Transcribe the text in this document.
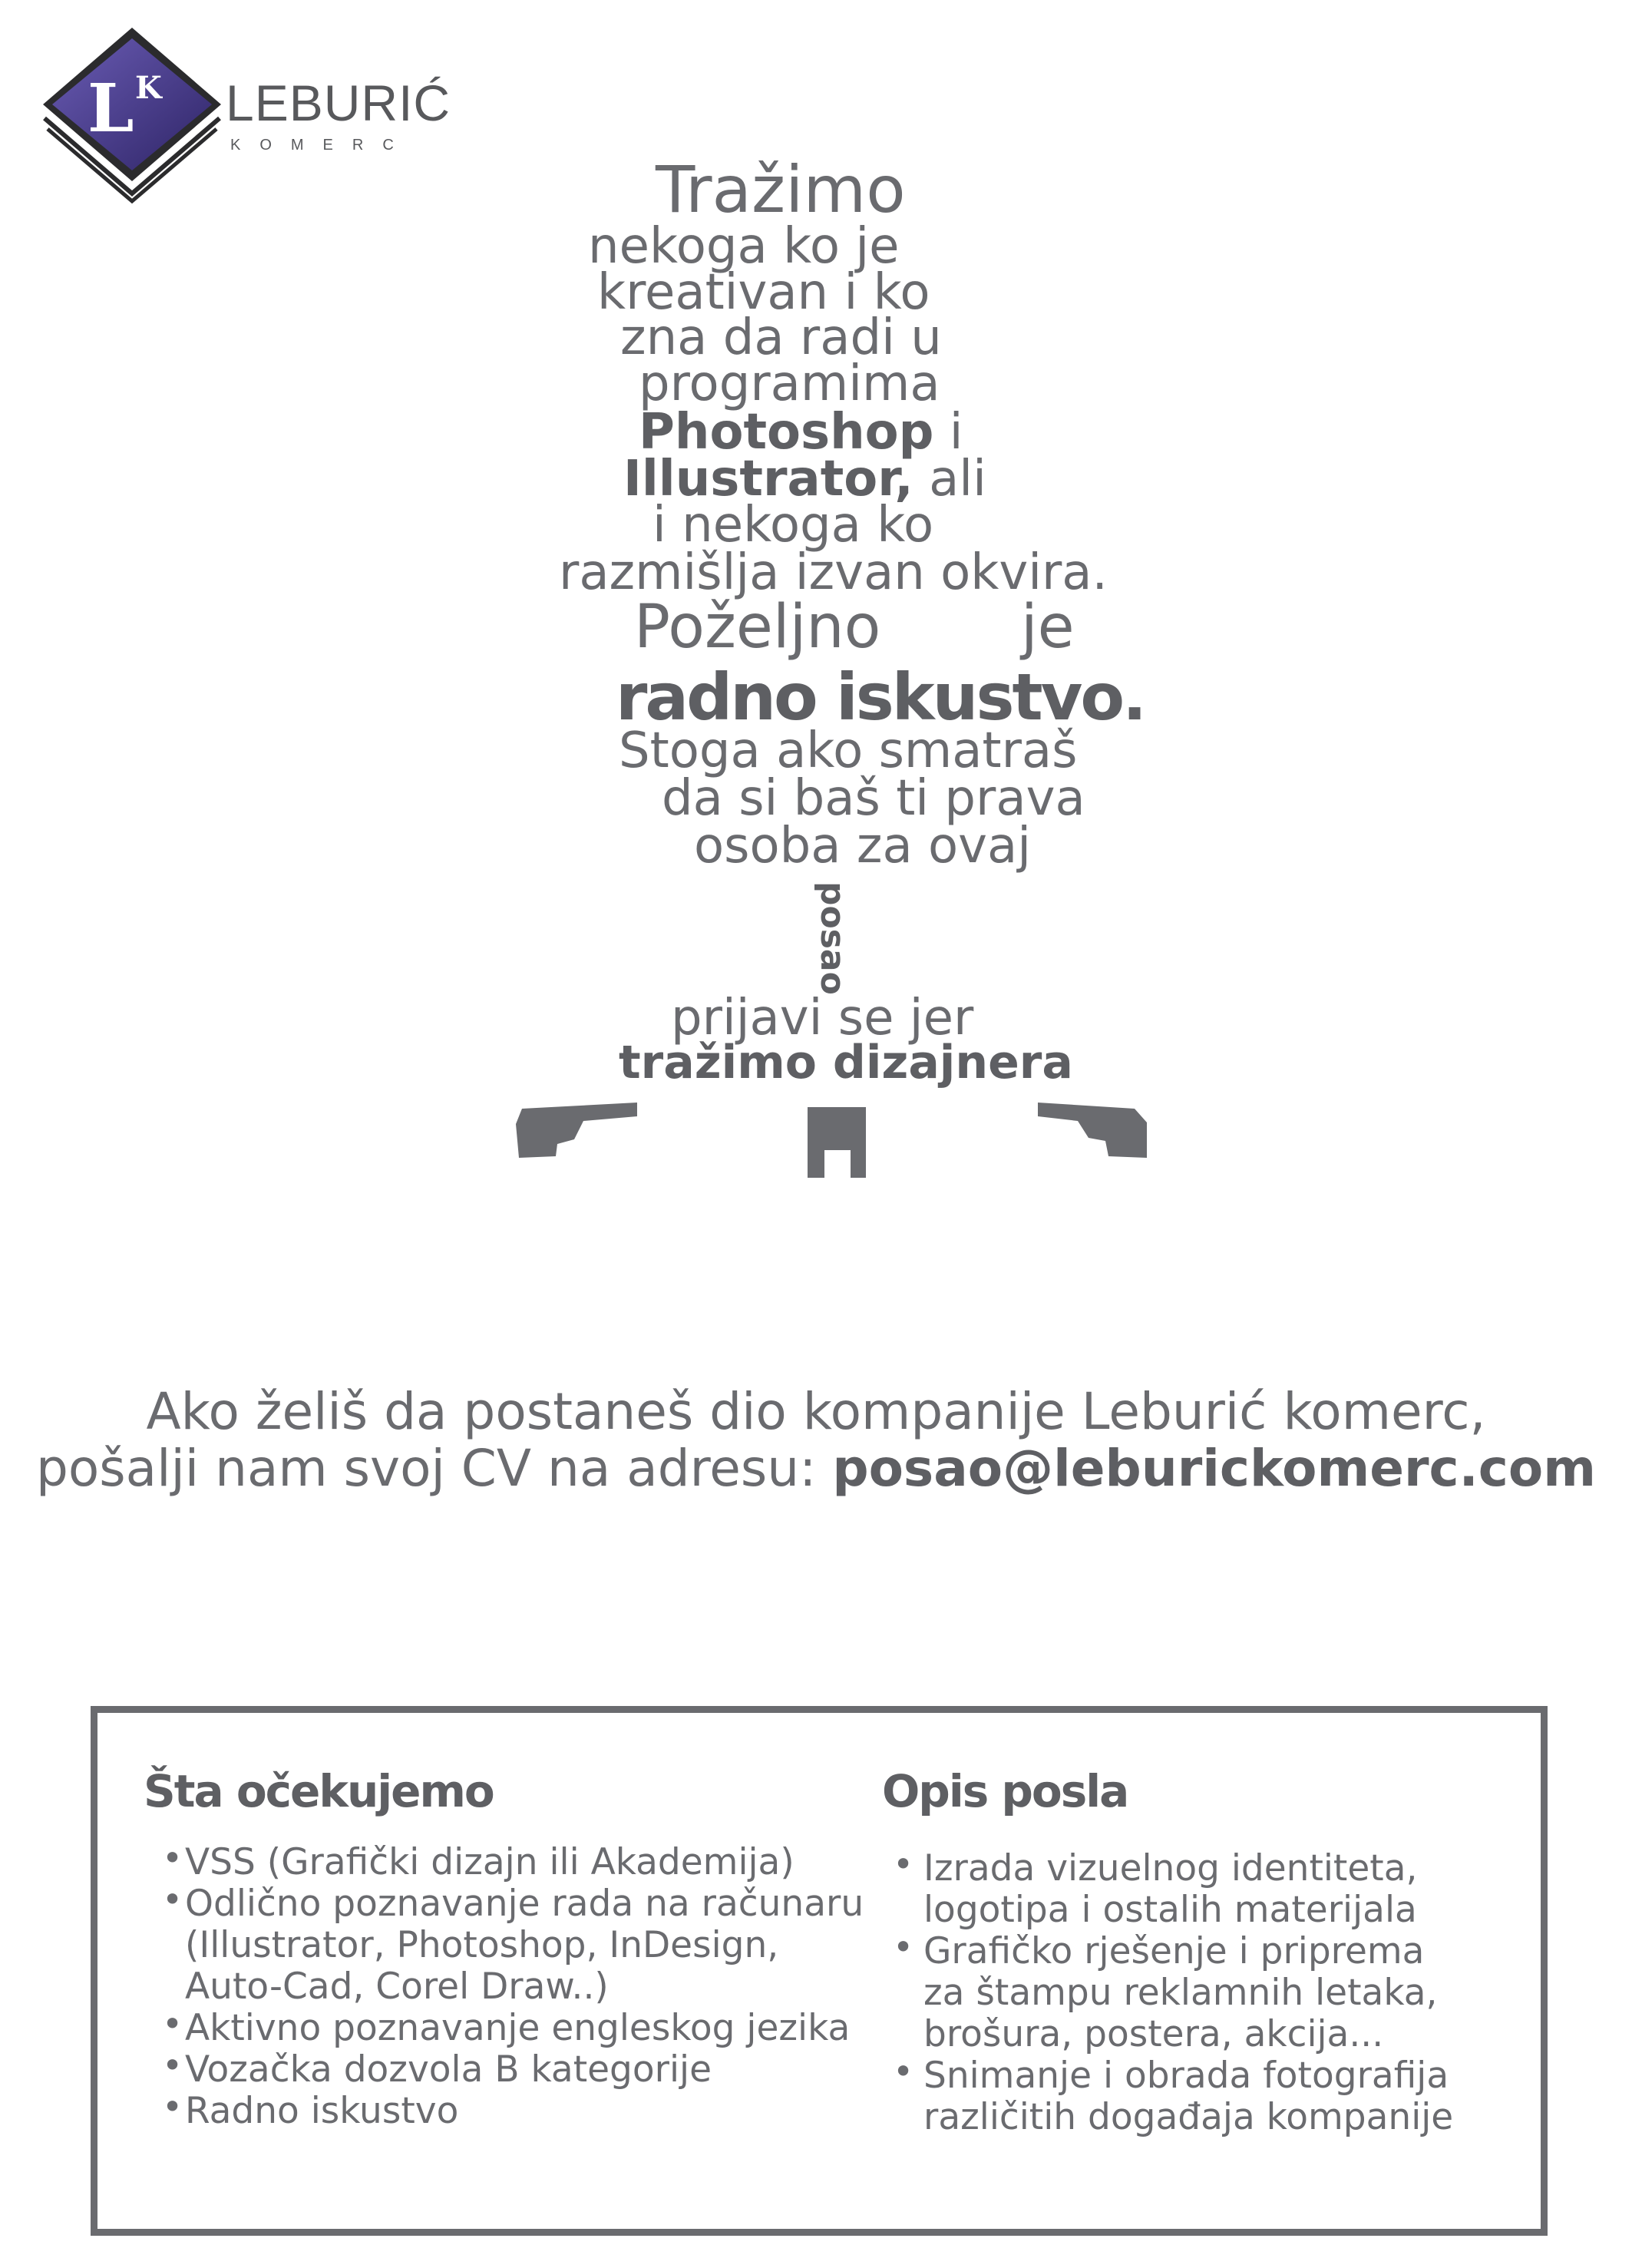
L K LEBURIĆ
KOMERC
Tražimo
nekoga ko je
kreativan i ko
zna da radi u
programima
Photoshop i
Illustrator, ali
i nekoga ko
razmišlja izvan okvira.
Poželjno je
radno iskustvo.
Stoga ako smatraš
da si baš ti prava
osoba za ovaj
posao
prijavi se jer
tražimo dizajnera
Ako želiš da postaneš dio kompanije Leburić komerc,
pošalji nam svoj CV na adresu: posao@leburickomerc.com
Šta očekujemo
• VSS (Grafički dizajn ili Akademija)
• Odlično poznavanje rada na računaru
(Illustrator, Photoshop, InDesign,
Auto-Cad, Corel Draw..)
• Aktivno poznavanje engleskog jezika
• Vozačka dozvola B kategorije
• Radno iskustvo
Opis posla
• Izrada vizuelnog identiteta,
logotipa i ostalih materijala
• Grafičko rješenje i priprema
za štampu reklamnih letaka,
brošura, postera, akcija...
• Snimanje i obrada fotografija
različitih događaja kompanije
